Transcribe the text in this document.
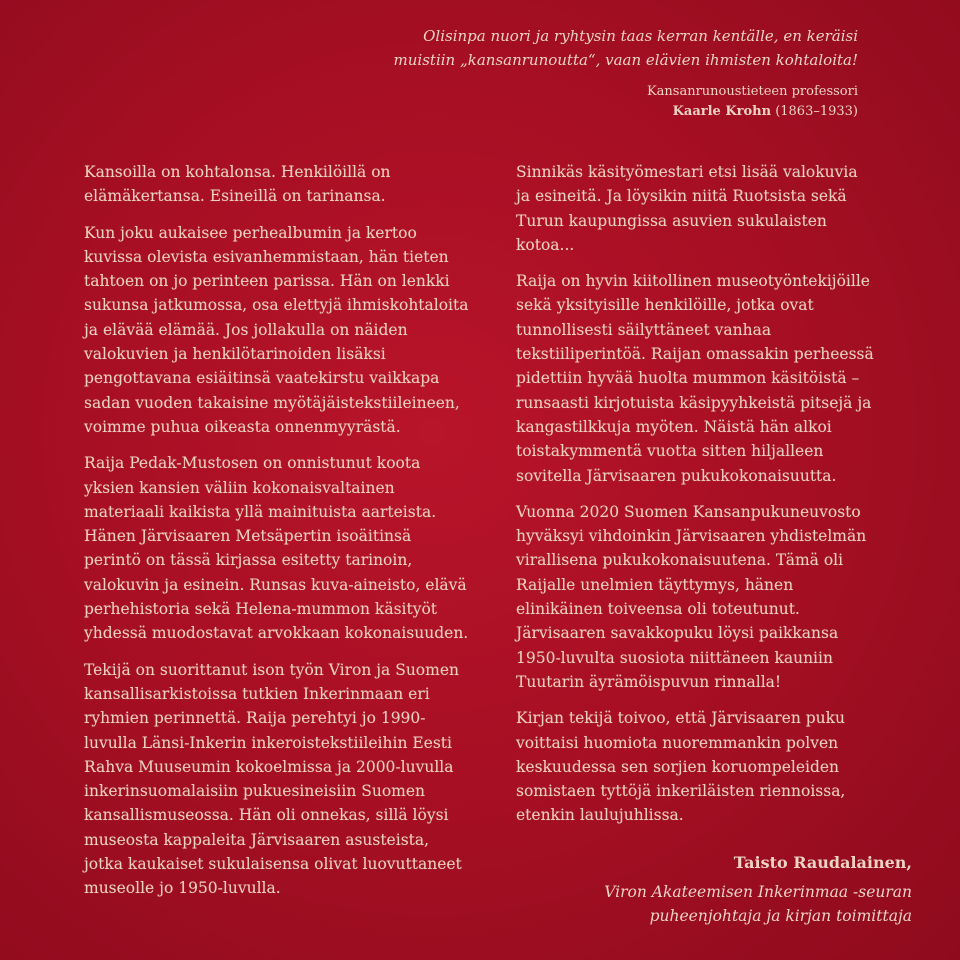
Olisinpa nuori ja ryhtysin taas kerran kentälle, en keräisi

muistiin „kansanrunoutta“, vaan elävien ihmisten kohtaloita!

Kansanrunoustieteen professori

Kaarle Krohn (1863–1933)

Kansoilla on kohtalonsa. Henkilöillä on elämäkertansa. Esineillä on tarinansa.

Kun joku aukaisee perhealbumin ja kertoo kuvissa olevista esivanhemmistaan, hän tieten tahtoen on jo perinteen parissa. Hän on lenkki sukunsa jatkumossa, osa elettyjä ihmiskohtaloita ja elävää elämää. Jos jollakulla on näiden valokuvien ja henkilötarinoiden lisäksi pengottavana esiäitinsä vaatekirstu vaikkapa sadan vuoden takaisine myötäjäistekstiileineen, voimme puhua oikeasta onnenmyyrästä.

Raija Pedak-Mustosen on onnistunut koota yksien kansien väliin kokonaisvaltainen materiaali kaikista yllä mainituista aarteista. Hänen Järvisaaren Metsäpertin isoäitinsä perintö on tässä kirjassa esitetty tarinoin, valokuvin ja esinein. Runsas kuva-aineisto, elävä perhehistoria sekä Helena-mummon käsityöt yhdessä muodostavat arvokkaan kokonaisuuden.

Tekijä on suorittanut ison työn Viron ja Suomen kansallisarkistoissa tutkien Inkerinmaan eri ryhmien perinnettä. Raija perehtyi jo 1990-luvulla Länsi-Inkerin inkeroistekstiileihin Eesti Rahva Muuseumin kokoelmissa ja 2000-luvulla inkerinsuomalaisiin pukuesineisiin Suomen kansallismuseossa. Hän oli onnekas, sillä löysi museosta kappaleita Järvisaaren asusteista, jotka kaukaiset sukulaisensa olivat luovuttaneet museolle jo 1950-luvulla.

Sinnikäs käsityömestari etsi lisää valokuvia ja esineitä. Ja löysikin niitä Ruotsista sekä Turun kaupungissa asuvien sukulaisten kotoa...

Raija on hyvin kiitollinen museotyöntekijöille sekä yksityisille henkilöille, jotka ovat tunnollisesti säilyttäneet vanhaa tekstiiliperintöä. Raijan omassakin perheessä pidettiin hyvää huolta mummon käsitöistä – runsaasti kirjotuista käsipyyhkeistä pitsejä ja kangastilkkuja myöten. Näistä hän alkoi toistakymmentä vuotta sitten hiljalleen sovitella Järvisaaren pukukokonaisuutta.

Vuonna 2020 Suomen Kansanpukuneuvosto hyväksyi vihdoinkin Järvisaaren yhdistelmän virallisena pukukokonaisuutena. Tämä oli Raijalle unelmien täyttymys, hänen elinikäinen toiveensa oli toteutunut. Järvisaaren savakkopuku löysi paikkansa 1950-luvulta suosiota niittäneen kauniin Tuutarin äyrämöispuvun rinnalla!

Kirjan tekijä toivoo, että Järvisaaren puku voittaisi huomiota nuoremmankin polven keskuudessa sen sorjien koruompeleiden somistaen tyttöjä inkeriläisten riennoissa, etenkin laulujuhlissa.

Taisto Raudalainen,

Viron Akateemisen Inkerinmaa -seuran
puheenjohtaja ja kirjan toimittaja
